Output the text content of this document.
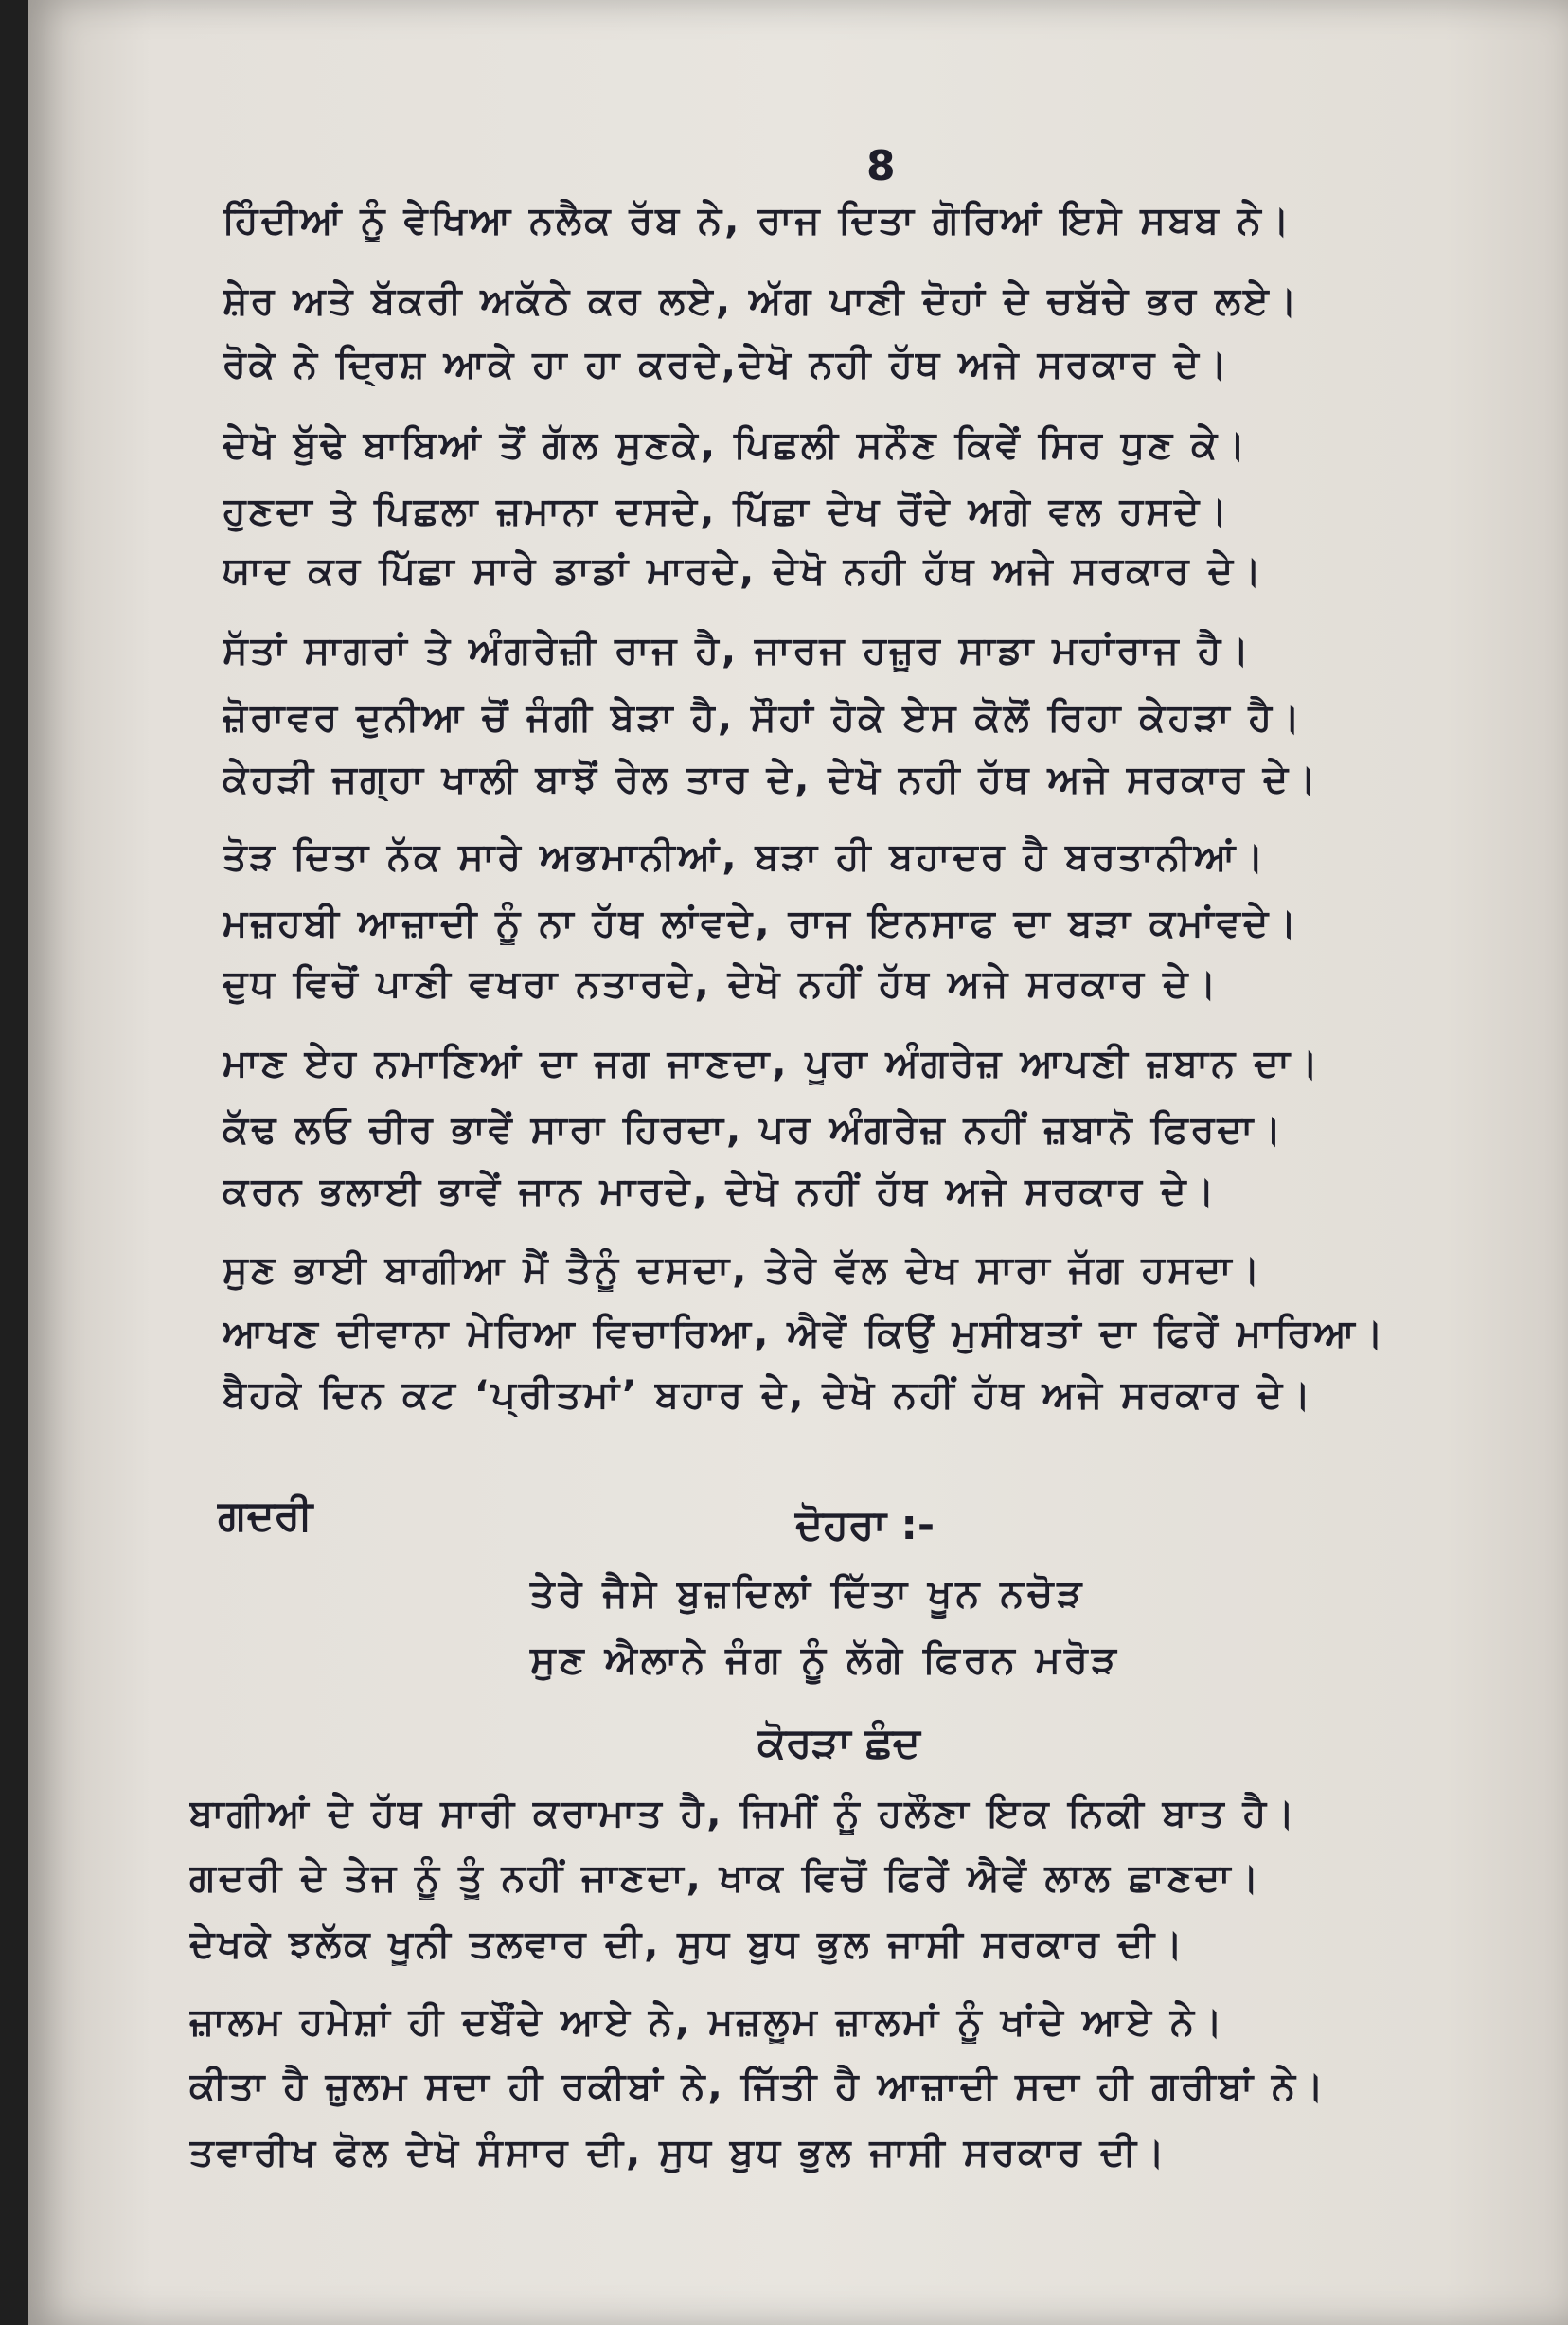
8
ਹਿੰਦੀਆਂ ਨੂੰ ਵੇਖਿਆ ਨਲੈਕ ਰੱਬ ਨੇ, ਰਾਜ ਦਿਤਾ ਗੋਰਿਆਂ ਇਸੇ ਸਬਬ ਨੇ।
ਸ਼ੇਰ ਅਤੇ ਬੱਕਰੀ ਅਕੱਠੇ ਕਰ ਲਏ, ਅੱਗ ਪਾਣੀ ਦੋਹਾਂ ਦੇ ਚਬੱਚੇ ਭਰ ਲਏ।
ਰੋਕੇ ਨੇ ਦ੍ਰਿਸ਼ ਆਕੇ ਹਾ ਹਾ ਕਰਦੇ,ਦੇਖੋ ਨਹੀ ਹੱਥ ਅਜੇ ਸਰਕਾਰ ਦੇ।
ਦੇਖੋ ਬੁੱਢੇ ਬਾਬਿਆਂ ਤੋਂ ਗੱਲ ਸੁਣਕੇ, ਪਿਛਲੀ ਸਨੌਣ ਕਿਵੇਂ ਸਿਰ ਧੁਣ ਕੇ।
ਹੁਣਦਾ ਤੇ ਪਿਛਲਾ ਜ਼ਮਾਨਾ ਦਸਦੇ, ਪਿੱਛਾ ਦੇਖ ਰੋਂਦੇ ਅਗੇ ਵਲ ਹਸਦੇ।
ਯਾਦ ਕਰ ਪਿੱਛਾ ਸਾਰੇ ਡਾਡਾਂ ਮਾਰਦੇ, ਦੇਖੋ ਨਹੀ ਹੱਥ ਅਜੇ ਸਰਕਾਰ ਦੇ।
ਸੱਤਾਂ ਸਾਗਰਾਂ ਤੇ ਅੰਗਰੇਜ਼ੀ ਰਾਜ ਹੈ, ਜਾਰਜ ਹਜ਼ੂਰ ਸਾਡਾ ਮਹਾਂਰਾਜ ਹੈ।
ਜ਼ੋਰਾਵਰ ਦੁਨੀਆ ਚੋਂ ਜੰਗੀ ਬੇੜਾ ਹੈ, ਸੌਹਾਂ ਹੋਕੇ ਏਸ ਕੋਲੋਂ ਰਿਹਾ ਕੇਹੜਾ ਹੈ।
ਕੇਹੜੀ ਜਗ੍ਹਾ ਖਾਲੀ ਬਾਝੋਂ ਰੇਲ ਤਾਰ ਦੇ, ਦੇਖੋ ਨਹੀ ਹੱਥ ਅਜੇ ਸਰਕਾਰ ਦੇ।
ਤੋੜ ਦਿਤਾ ਨੱਕ ਸਾਰੇ ਅਭਮਾਨੀਆਂ, ਬੜਾ ਹੀ ਬਹਾਦਰ ਹੈ ਬਰਤਾਨੀਆਂ।
ਮਜ਼ਹਬੀ ਆਜ਼ਾਦੀ ਨੂੰ ਨਾ ਹੱਥ ਲਾਂਵਦੇ, ਰਾਜ ਇਨਸਾਫ ਦਾ ਬੜਾ ਕਮਾਂਵਦੇ।
ਦੁਧ ਵਿਚੋਂ ਪਾਣੀ ਵਖਰਾ ਨਤਾਰਦੇ, ਦੇਖੋ ਨਹੀਂ ਹੱਥ ਅਜੇ ਸਰਕਾਰ ਦੇ।
ਮਾਣ ਏਹ ਨਮਾਣਿਆਂ ਦਾ ਜਗ ਜਾਣਦਾ, ਪੂਰਾ ਅੰਗਰੇਜ਼ ਆਪਣੀ ਜ਼ਬਾਨ ਦਾ।
ਕੱਢ ਲਓ ਚੀਰ ਭਾਵੇਂ ਸਾਰਾ ਹਿਰਦਾ, ਪਰ ਅੰਗਰੇਜ਼ ਨਹੀਂ ਜ਼ਬਾਨੋ ਫਿਰਦਾ।
ਕਰਨ ਭਲਾਈ ਭਾਵੇਂ ਜਾਨ ਮਾਰਦੇ, ਦੇਖੋ ਨਹੀਂ ਹੱਥ ਅਜੇ ਸਰਕਾਰ ਦੇ।
ਸੁਣ ਭਾਈ ਬਾਗੀਆ ਮੈਂ ਤੈਨੂੰ ਦਸਦਾ, ਤੇਰੇ ਵੱਲ ਦੇਖ ਸਾਰਾ ਜੱਗ ਹਸਦਾ।
ਆਖਣ ਦੀਵਾਨਾ ਮੇਰਿਆ ਵਿਚਾਰਿਆ, ਐਵੇਂ ਕਿਉਂ ਮੁਸੀਬਤਾਂ ਦਾ ਫਿਰੇਂ ਮਾਰਿਆ।
ਬੈਹਕੇ ਦਿਨ ਕਟ ‘ਪ੍ਰੀਤਮਾਂ’ ਬਹਾਰ ਦੇ, ਦੇਖੋ ਨਹੀਂ ਹੱਥ ਅਜੇ ਸਰਕਾਰ ਦੇ।
ਗਦਰੀ	ਦੋਹਰਾ :-
ਤੇਰੇ ਜੈਸੇ ਬੁਜ਼ਦਿਲਾਂ ਦਿੱਤਾ ਖੂਨ ਨਚੋੜ
ਸੁਣ ਐਲਾਨੇ ਜੰਗ ਨੂੰ ਲੱਗੇ ਫਿਰਨ ਮਰੋੜ
ਕੋਰੜਾ ਛੰਦ
ਬਾਗੀਆਂ ਦੇ ਹੱਥ ਸਾਰੀ ਕਰਾਮਾਤ ਹੈ, ਜਿਮੀਂ ਨੂੰ ਹਲੌਣਾ ਇਕ ਨਿਕੀ ਬਾਤ ਹੈ।
ਗਦਰੀ ਦੇ ਤੇਜ ਨੂੰ ਤੂੰ ਨਹੀਂ ਜਾਣਦਾ, ਖਾਕ ਵਿਚੋਂ ਫਿਰੇਂ ਐਵੇਂ ਲਾਲ ਛਾਣਦਾ।
ਦੇਖਕੇ ਝਲੱਕ ਖੂਨੀ ਤਲਵਾਰ ਦੀ, ਸੁਧ ਬੁਧ ਭੁਲ ਜਾਸੀ ਸਰਕਾਰ ਦੀ।
ਜ਼ਾਲਮ ਹਮੇਸ਼ਾਂ ਹੀ ਦਬੌਂਦੇ ਆਏ ਨੇ, ਮਜ਼ਲੂਮ ਜ਼ਾਲਮਾਂ ਨੂੰ ਖਾਂਦੇ ਆਏ ਨੇ।
ਕੀਤਾ ਹੈ ਜ਼ੁਲਮ ਸਦਾ ਹੀ ਰਕੀਬਾਂ ਨੇ, ਜਿੱਤੀ ਹੈ ਆਜ਼ਾਦੀ ਸਦਾ ਹੀ ਗਰੀਬਾਂ ਨੇ।
ਤਵਾਰੀਖ ਫੋਲ ਦੇਖੋ ਸੰਸਾਰ ਦੀ, ਸੁਧ ਬੁਧ ਭੁਲ ਜਾਸੀ ਸਰਕਾਰ ਦੀ।
